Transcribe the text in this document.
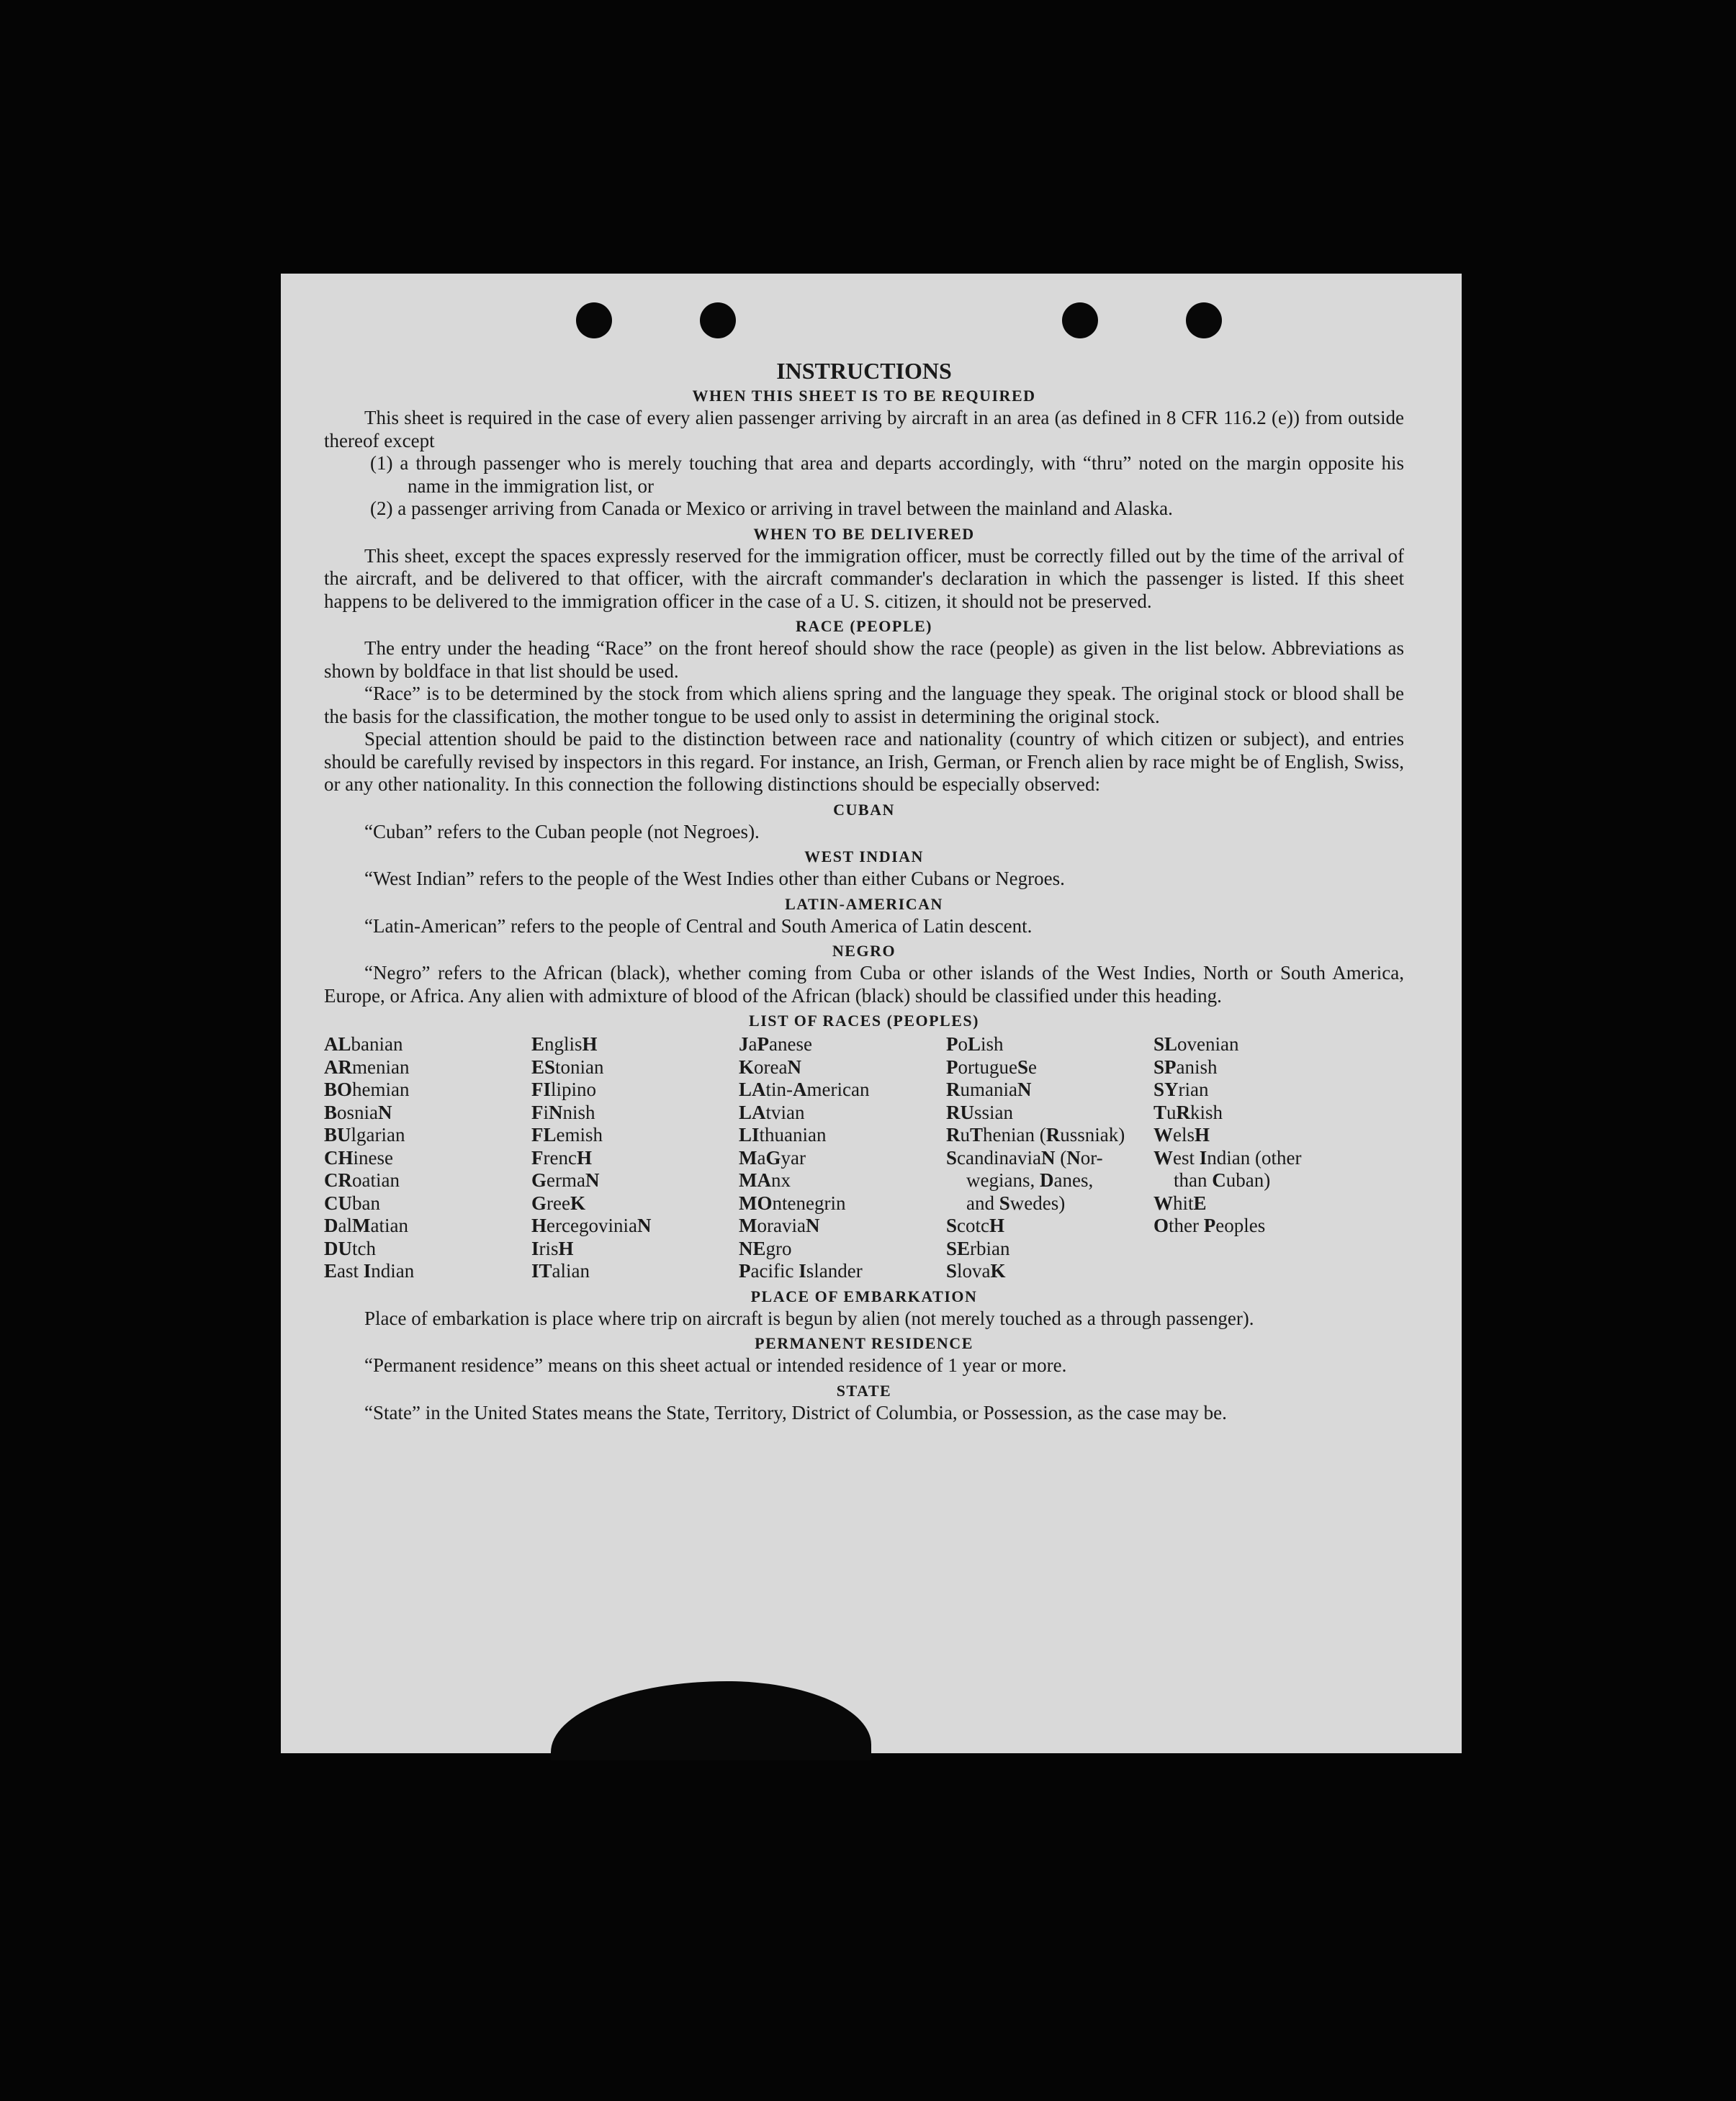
INSTRUCTIONS
WHEN THIS SHEET IS TO BE REQUIRED

This sheet is required in the case of every alien passenger arriving by aircraft in an area (as defined in 8 CFR 116.2 (e)) from outside thereof except

(1) a through passenger who is merely touching that area and departs accordingly, with “thru” noted on the margin opposite his name in the immigration list, or

(2) a passenger arriving from Canada or Mexico or arriving in travel between the mainland and Alaska.

WHEN TO BE DELIVERED

This sheet, except the spaces expressly reserved for the immigration officer, must be correctly filled out by the time of the arrival of the aircraft, and be delivered to that officer, with the aircraft commander's declaration in which the passenger is listed. If this sheet happens to be delivered to the immigration officer in the case of a U. S. citizen, it should not be preserved.

RACE (PEOPLE)

The entry under the heading “Race” on the front hereof should show the race (people) as given in the list below. Abbreviations as shown by boldface in that list should be used.

“Race” is to be determined by the stock from which aliens spring and the language they speak. The original stock or blood shall be the basis for the classification, the mother tongue to be used only to assist in determining the original stock.

Special attention should be paid to the distinction between race and nationality (country of which citizen or subject), and entries should be carefully revised by inspectors in this regard. For instance, an Irish, German, or French alien by race might be of English, Swiss, or any other nationality. In this connection the following distinctions should be especially observed:

CUBAN

“Cuban” refers to the Cuban people (not Negroes).

WEST INDIAN

“West Indian” refers to the people of the West Indies other than either Cubans or Negroes.

LATIN-AMERICAN

“Latin-American” refers to the people of Central and South America of Latin descent.

NEGRO

“Negro” refers to the African (black), whether coming from Cuba or other islands of the West Indies, North or South America, Europe, or Africa. Any alien with admixture of blood of the African (black) should be classified under this heading.

LIST OF RACES (PEOPLES)
ALbanian
ARmenian
BOhemian
BosniaN
BUlgarian
CHinese
CRoatian
CUban
DalMatian
DUtch
East Indian
EnglisH
EStonian
FIlipino
FiNnish
FLemish
FrencH
GermaN
GreeK
HercegoviniaN
IrisH
ITalian
JaPanese
KoreaN
LAtin-American
LAtvian
LIthuanian
MaGyar
MAnx
MOntenegrin
MoraviaN
NEgro
Pacific Islander
PoLish
PortugueSe
RumaniaN
RUssian
RuThenian (Russniak)
ScandinaviaN (Nor-
wegians, Danes,
and Swedes)
ScotcH
SErbian
SlovaK
SLovenian
SPanish
SYrian
TuRkish
WelsH
West Indian (other
than Cuban)
WhitE
Other Peoples
PLACE OF EMBARKATION

Place of embarkation is place where trip on aircraft is begun by alien (not merely touched as a through passenger).

PERMANENT RESIDENCE

“Permanent residence” means on this sheet actual or intended residence of 1 year or more.

STATE

“State” in the United States means the State, Territory, District of Columbia, or Possession, as the case may be.
